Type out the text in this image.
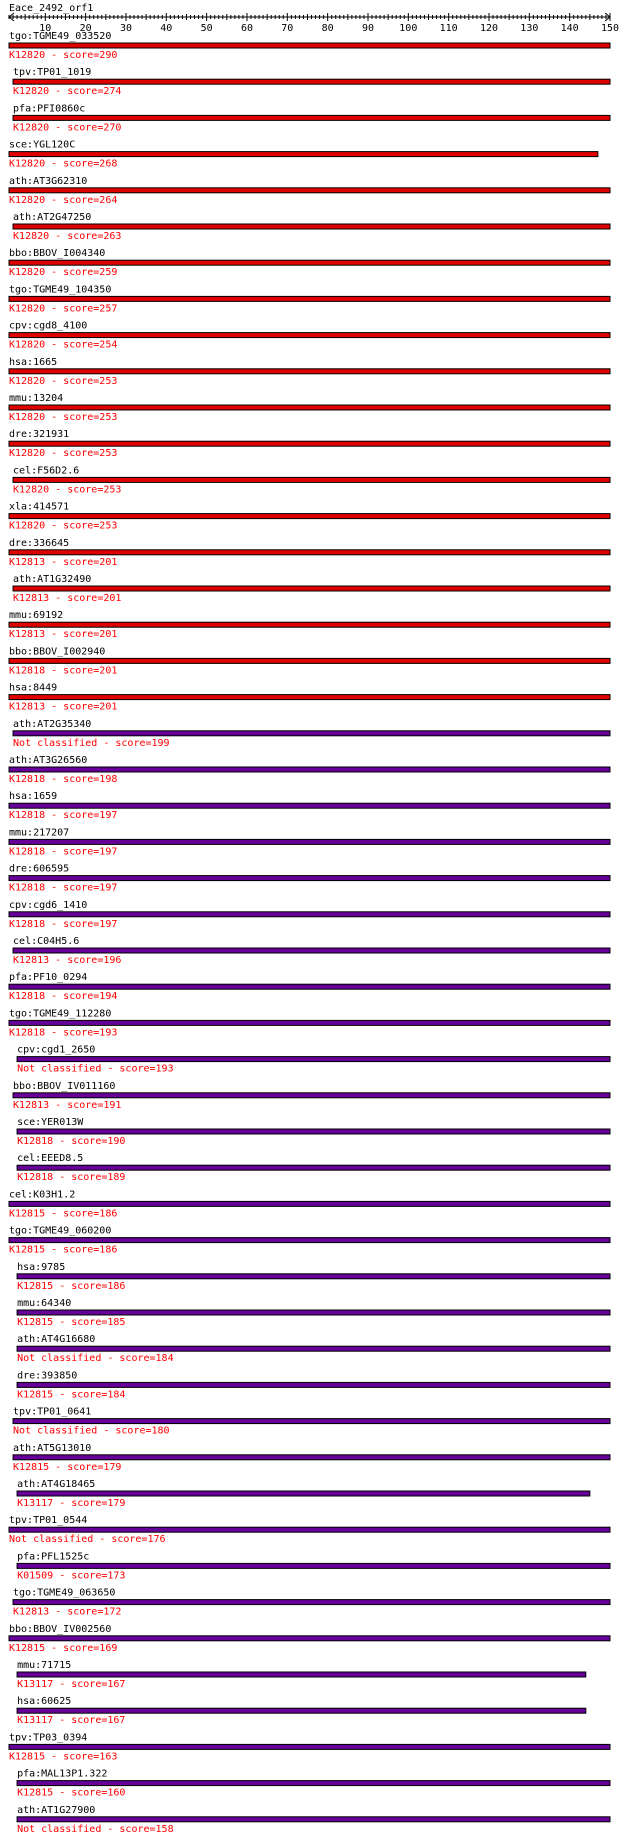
Eace_2492_orf1
10	20	30	40	50	60	70	80	90	100 110 120 130 140 150
tgo:TGME49_033520
K12820 - score=290
tpv:TP01_1019
K12820 - score=274
pfa:PFI0860c
K12820 - score=270
sce:YGL120C
K12820 - score=268
ath:AT3G62310
K12820 - score=264
ath:AT2G47250
K12820 - score=263
bbo:BBOV_I004340
K12820 - score=259
tgo:TGME49_104350
K12820 - score=257
cpv:cgd8_4100
K12820 - score=254
hsa:1665
K12820 - score=253
mmu:13204
K12820 - score=253
dre:321931
K12820 - score=253
cel:F56D2.6
K12820 - score=253
xla:414571
K12820 - score=253
dre:336645
K12813 - score=201
ath:AT1G32490
K12813 - score=201
mmu:69192
K12813 - score=201
bbo:BBOV_I002940
K12818 - score=201
hsa:8449
K12813 - score=201
ath:AT2G35340
Not classified - score=199
ath:AT3G26560
K12818 - score=198
hsa:1659
K12818 - score=197
mmu:217207
K12818 - score=197
dre:606595
K12818 - score=197
cpv:cgd6_1410
K12818 - score=197
cel:C04H5.6
K12813 - score=196
pfa:PF10_0294
K12818 - score=194
tgo:TGME49_112280
K12818 - score=193
cpv:cgd1_2650
Not classified - score=193
bbo:BBOV_IV011160
K12813 - score=191
sce:YER013W
K12818 - score=190
cel:EEED8.5
K12818 - score=189
cel:K03H1.2
K12815 - score=186
tgo:TGME49_060200
K12815 - score=186
hsa:9785
K12815 - score=186
mmu:64340
K12815 - score=185
ath:AT4G16680
Not classified - score=184
dre:393850
K12815 - score=184
tpv:TP01_0641
Not classified - score=180
ath:AT5G13010
K12815 - score=179
ath:AT4G18465
K13117 - score=179
tpv:TP01_0544
Not classified - score=176
pfa:PFL1525c
K01509 - score=173
tgo:TGME49_063650
K12813 - score=172
bbo:BBOV_IV002560
K12815 - score=169
mmu:71715
K13117 - score=167
hsa:60625
K13117 - score=167
tpv:TP03_0394
K12815 - score=163
pfa:MAL13P1.322
K12815 - score=160
ath:AT1G27900
Not classified - score=158
